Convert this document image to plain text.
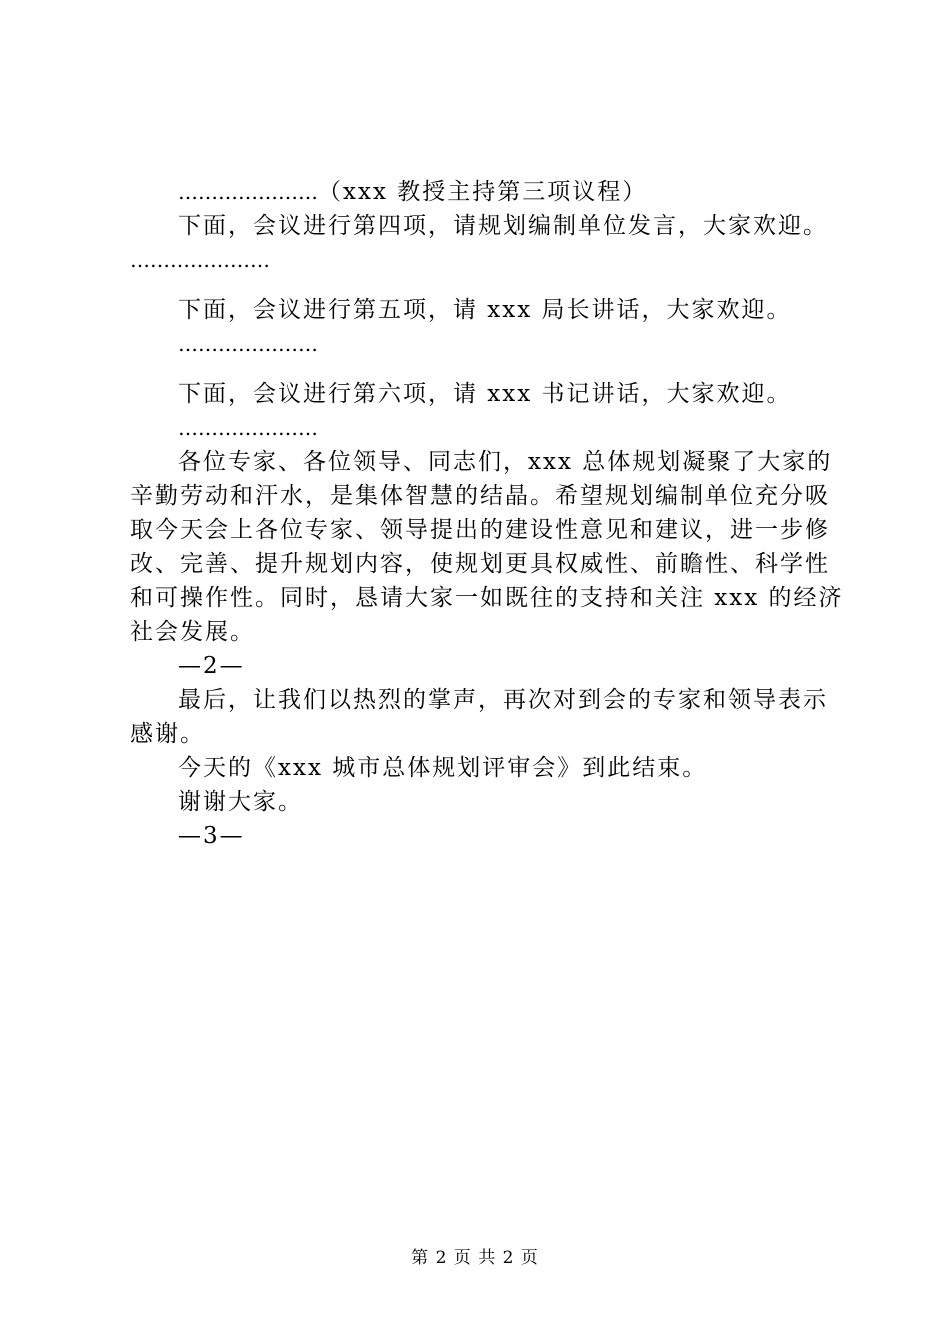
…………………（xxx 教授主持第三项议程）
下面，会议进行第四项，请规划编制单位发言，大家欢迎。
…………………
下面，会议进行第五项，请 xxx 局长讲话，大家欢迎。
…………………
下面，会议进行第六项，请 xxx 书记讲话，大家欢迎。
…………………
各位专家、各位领导、同志们，xxx 总体规划凝聚了大家的辛勤劳动和汗水，是集体智慧的结晶。希望规划编制单位充分吸取今天会上各位专家、领导提出的建设性意见和建议，进一步修改、完善、提升规划内容，使规划更具权威性、前瞻性、科学性和可操作性。同时，恳请大家一如既往的支持和关注 xxx 的经济社会发展。
—2—
最后，让我们以热烈的掌声，再次对到会的专家和领导表示感谢。
今天的《xxx 城市总体规划评审会》到此结束。
谢谢大家。
—3—
第 2 页 共 2 页
